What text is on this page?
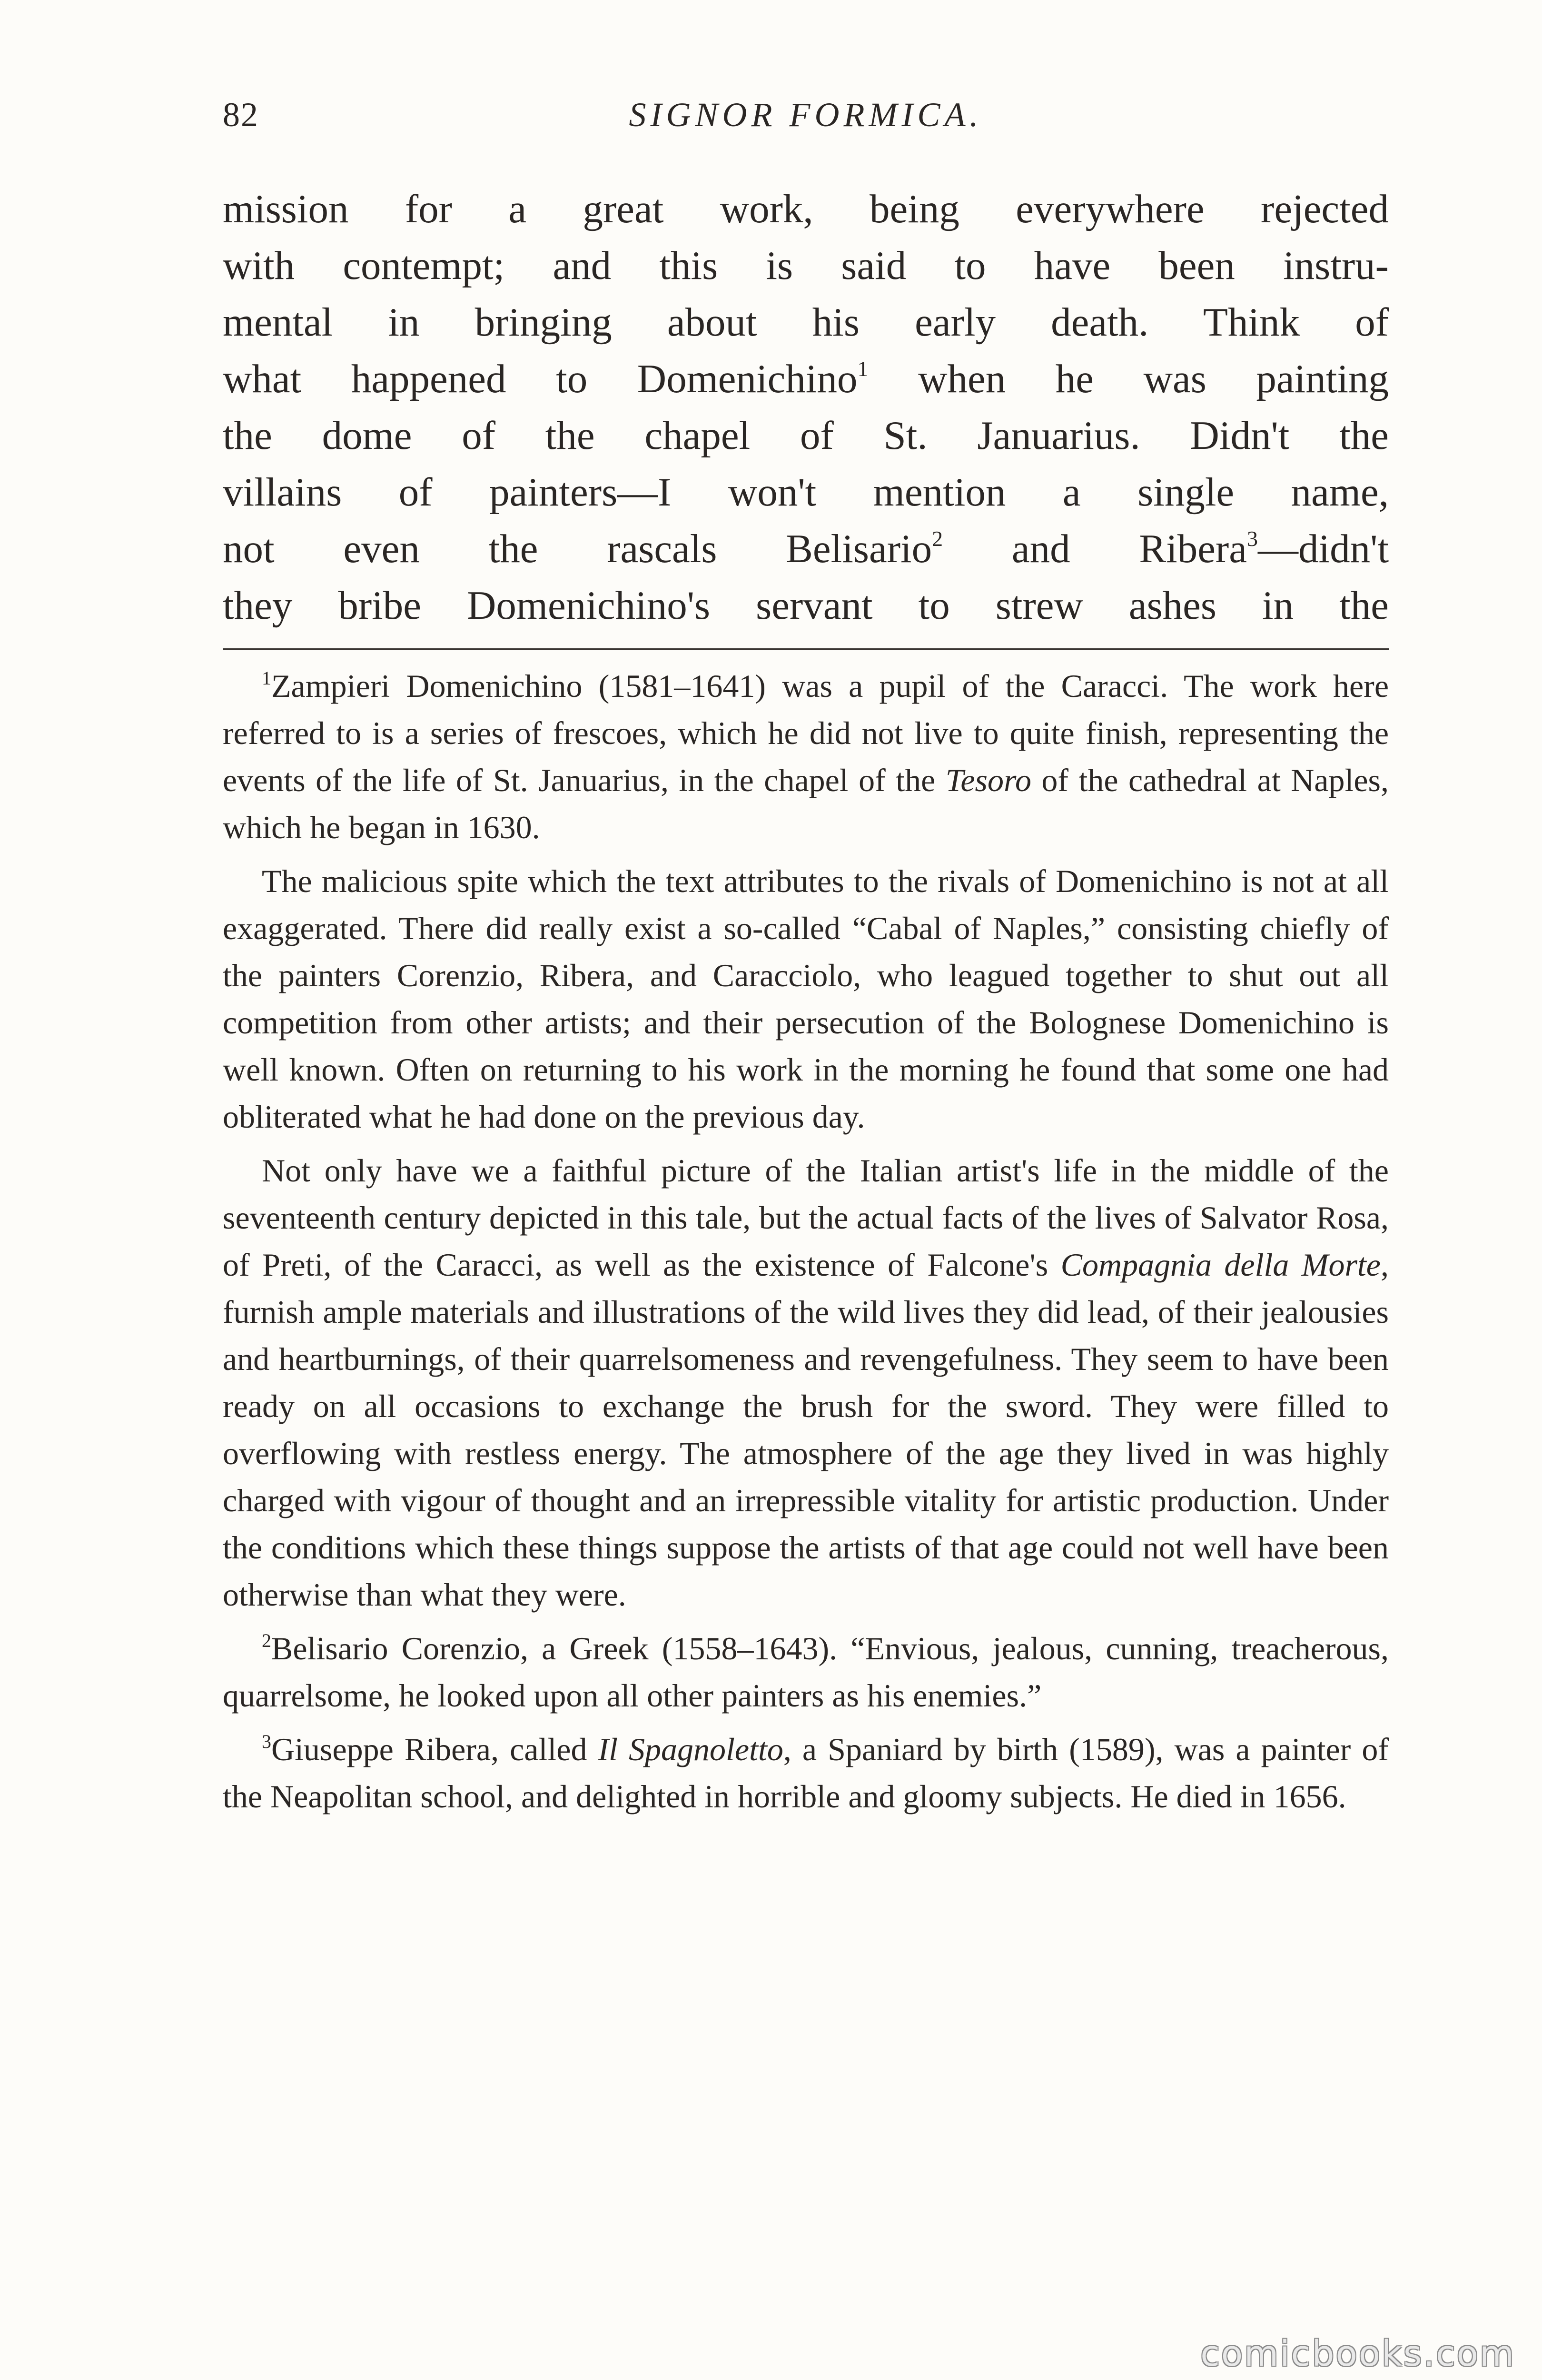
82	SIGNOR FORMICA.
mission for a great work, being everywhere rejected
with contempt; and this is said to have been instru-
mental in bringing about his early death. Think of
what happened to Domenichino$^1$ when he was painting
the dome of the chapel of St. Januarius. Didn't the
villains of painters—I won't mention a single name,
not even the rascals Belisario$^2$ and Ribera$^3$—didn't
they bribe Domenichino's servant to strew ashes in the

$^1$Zampieri Domenichino (1581–1641) was a pupil of the Caracci. The work here referred to is a series of frescoes, which he did not live to quite finish, representing the events of the life of St. Januarius, in the chapel of the Tesoro of the cathedral at Naples, which he began in 1630.

The malicious spite which the text attributes to the rivals of Domenichino is not at all exaggerated. There did really exist a so-called “Cabal of Naples,” consisting chiefly of the painters Corenzio, Ribera, and Caracciolo, who leagued together to shut out all competition from other artists; and their persecution of the Bolognese Domenichino is well known. Often on returning to his work in the morning he found that some one had obliterated what he had done on the previous day.

Not only have we a faithful picture of the Italian artist's life in the middle of the seventeenth century depicted in this tale, but the actual facts of the lives of Salvator Rosa, of Preti, of the Caracci, as well as the existence of Falcone's Compagnia della Morte, furnish ample materials and illustrations of the wild lives they did lead, of their jealousies and heartburnings, of their quarrelsomeness and revengefulness. They seem to have been ready on all occasions to exchange the brush for the sword. They were filled to overflowing with restless energy. The atmosphere of the age they lived in was highly charged with vigour of thought and an irrepressible vitality for artistic production. Under the conditions which these things suppose the artists of that age could not well have been otherwise than what they were.

$^2$Belisario Corenzio, a Greek (1558–1643). “Envious, jealous, cunning, treacherous, quarrelsome, he looked upon all other painters as his enemies.”

$^3$Giuseppe Ribera, called Il Spagnoletto, a Spaniard by birth (1589), was a painter of the Neapolitan school, and delighted in horrible and gloomy subjects. He died in 1656.

comicbooks.com
